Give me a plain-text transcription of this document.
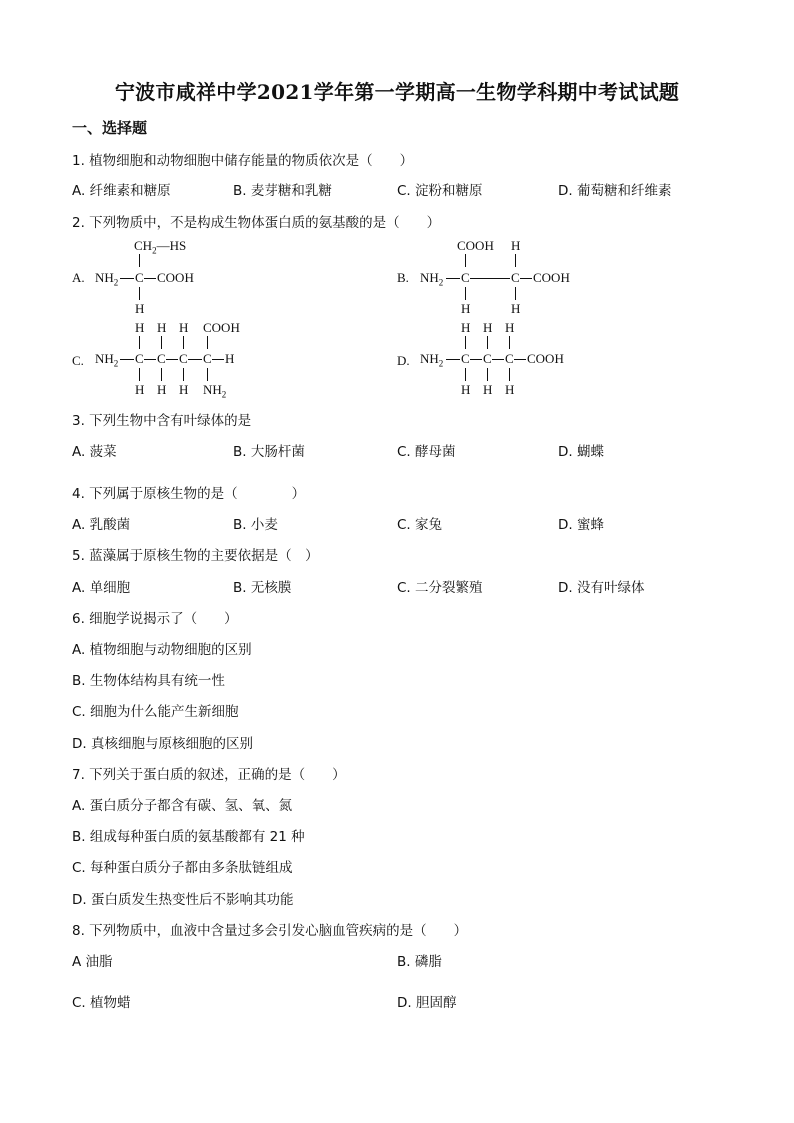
宁波市咸祥中学2021学年第一学期高一生物学科期中考试试题
一、选择题
1. 植物细胞和动物细胞中储存能量的物质依次是（　　）
A. 纤维素和糖原	B. 麦芽糖和乳糖	C. 淀粉和糖原	D. 葡萄糖和纤维素
2. 下列物质中，不是构成生物体蛋白质的氨基酸的是（　　）
A.
$CH_2—HS$
$NH_2$ C COOH
H
B.
COOH H
$NH_2$ C	C COOH
H	H
C.
H H H COOH
$NH_2$ C C C C H
H H H $NH_2$
D.
H H H
$NH_2$ C C C COOH
H H H
3. 下列生物中含有叶绿体的是
A. 菠菜	B. 大肠杆菌	C. 酵母菌	D. 蝴蝶
4. 下列属于原核生物的是（　　　　）
A. 乳酸菌	B. 小麦	C. 家兔	D. 蜜蜂
5. 蓝藻属于原核生物的主要依据是（　）
A. 单细胞	B. 无核膜	C. 二分裂繁殖	D. 没有叶绿体
6. 细胞学说揭示了（　　）
A. 植物细胞与动物细胞的区别
B. 生物体结构具有统一性
C. 细胞为什么能产生新细胞
D. 真核细胞与原核细胞的区别
7. 下列关于蛋白质的叙述，正确的是（　　）
A. 蛋白质分子都含有碳、氢、氧、氮
B. 组成每种蛋白质的氨基酸都有 21 种
C. 每种蛋白质分子都由多条肽链组成
D. 蛋白质发生热变性后不影响其功能
8. 下列物质中，血液中含量过多会引发心脑血管疾病的是（　　）
A 油脂	B. 磷脂
C. 植物蜡	D. 胆固醇
